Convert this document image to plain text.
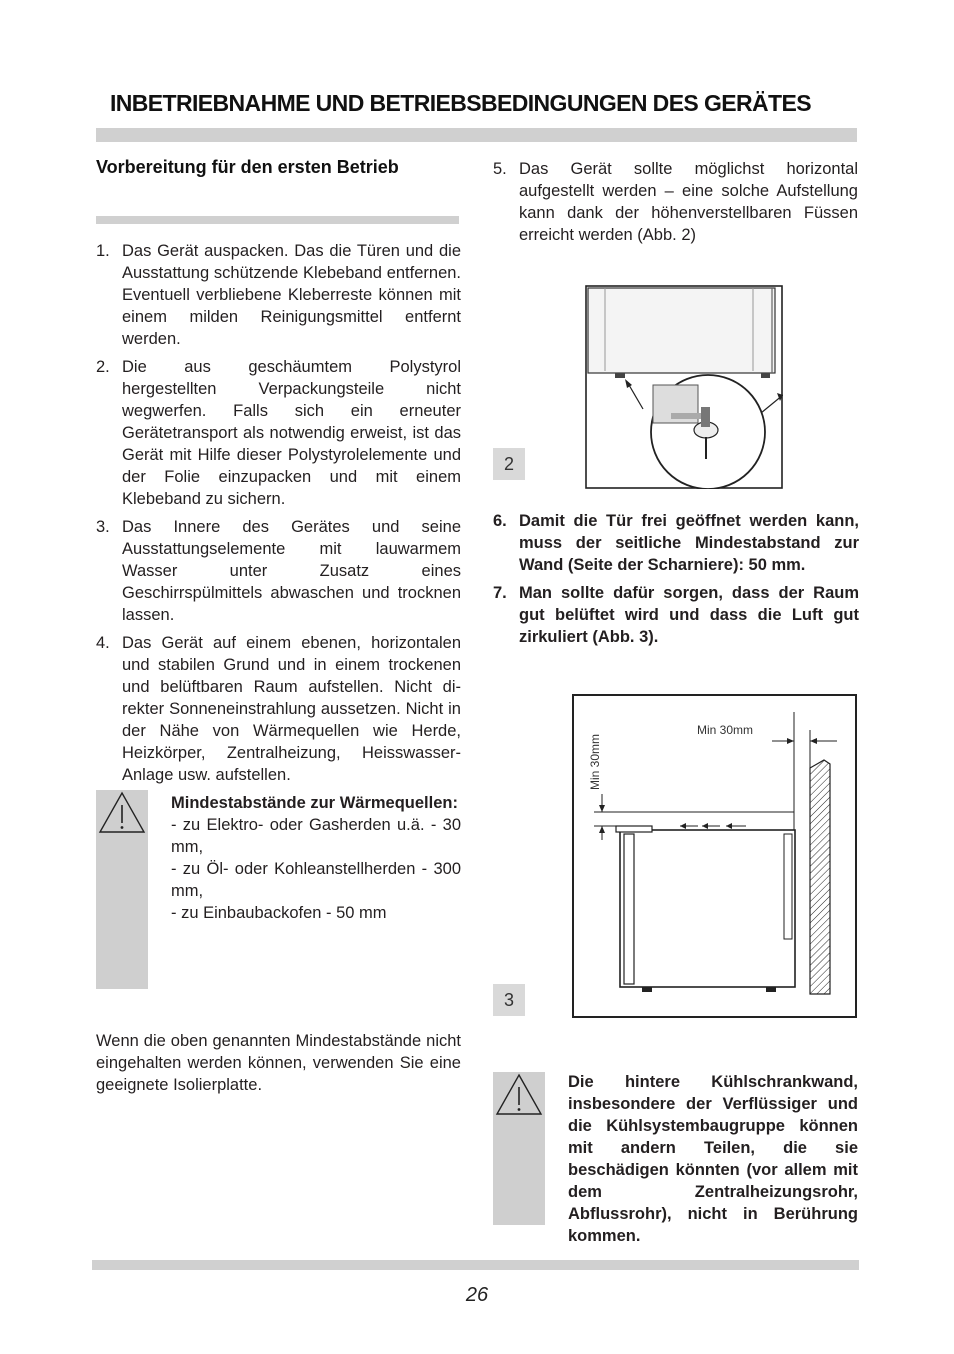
INBETRIEBNAHME UND BETRIEBSBEDINGUNGEN DES GERÄTES
Vorbereitung für den ersten Betrieb
1. Das Gerät auspacken. Das die Türen und die Ausstattung schützende Klebeband entfernen. Eventuell verbliebene Kleberreste können mit einem milden Reinigungsmittel entfernt werden.
2. Die aus geschäumtem Polystyrol hergestellten Verpackungsteile nicht wegwerfen. Falls sich ein erneuter Gerätetransport als notwendig erweist, ist das Gerät mit Hilfe dieser Polystyrolelemente und der Folie einzupacken und mit einem Klebeband zu sichern.
3. Das Innere des Gerätes und seine Ausstattungselemente mit lauwarmem Wasser unter Zusatz eines Geschirrspülmittels abwaschen und trocknen lassen.
4. Das Gerät auf einem ebenen, horizontalen und stabilen Grund und in einem trockenen und belüftbaren Raum aufstellen. Nicht di- rekter Sonneneinstrahlung aussetzen. Nicht in der Nähe von Wärmequellen wie Herde, Heizkörper, Zentralheizung, Heisswasser- Anlage usw. aufstellen.
Mindestabstände zur Wärmequellen:
- zu Elektro- oder Gasherden u.ä. - 30 mm,
- zu Öl- oder Kohleanstellherden - 300 mm,
- zu Einbaubackofen - 50 mm
Wenn die oben genannten Mindestabstände nicht eingehalten werden können, verwenden Sie eine geeignete Isolierplatte.
5. Das Gerät sollte möglichst horizontal aufgestellt werden – eine solche Aufstellung kann dank der höhenverstellbaren Füssen erreicht werden (Abb. 2)
2
6. Damit die Tür frei geöffnet werden kann, muss der seitliche Mindestabstand zur Wand (Seite der Scharniere): 50 mm.
7. Man sollte dafür sorgen, dass der Raum gut belüftet wird und dass die Luft gut zirkuliert (Abb. 3).
3
Min 30mm
Min 30mm
Die hintere Kühlschrankwand, insbesondere der Verflüssiger und die Kühlsystembaugruppe können mit andern Teilen, die sie beschädigen könnten (vor allem mit dem Zentralheizungsrohr, Abflussrohr), nicht in Berührung kommen.
26
